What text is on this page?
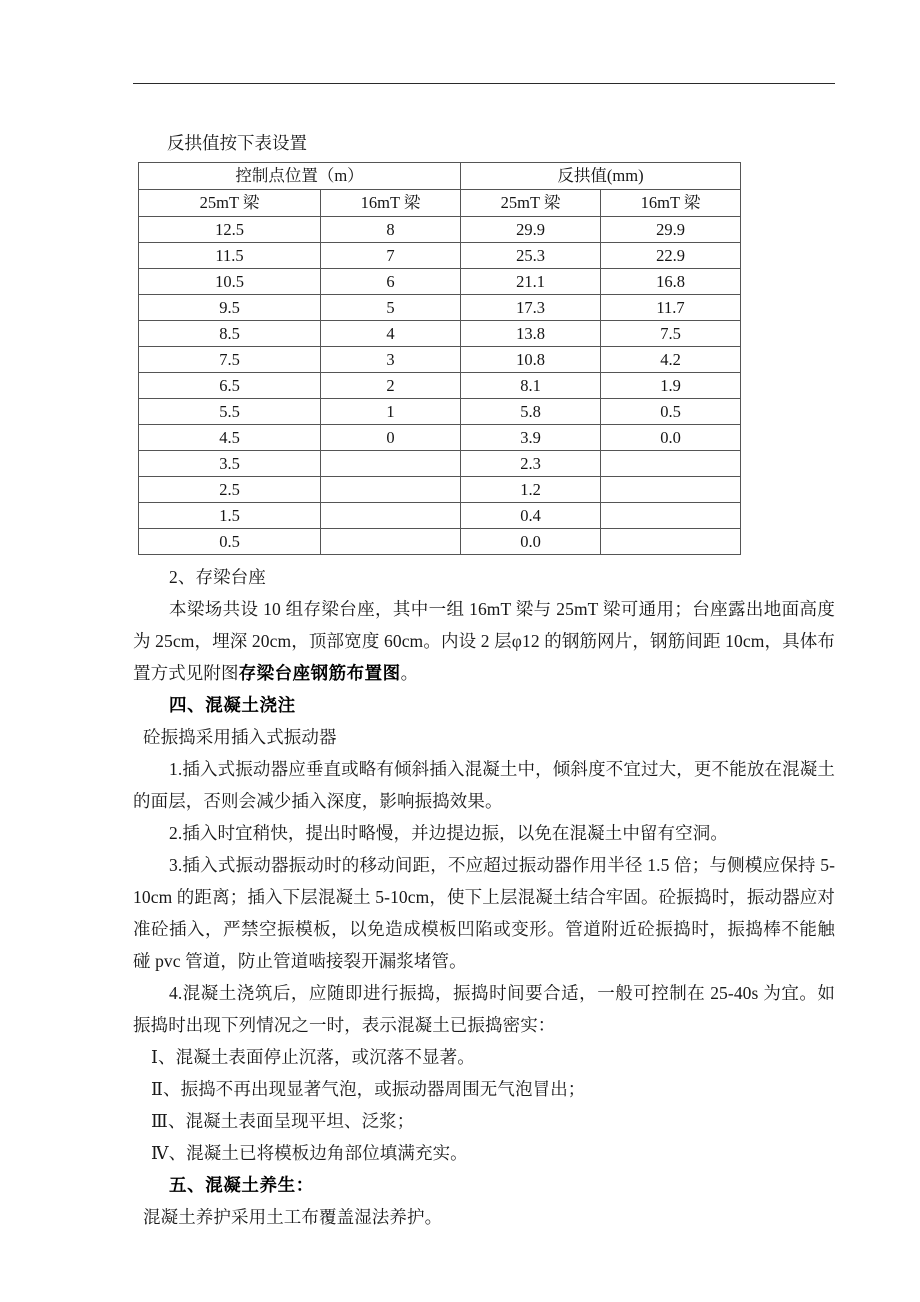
反拱值按下表设置

控制点位置（m）		反拱值(mm)	
25mT 梁	16mT 梁	25mT 梁	16mT 梁
12.5	8	29.9	29.9
11.5	7	25.3	22.9
10.5	6	21.1	16.8
9.5	5	17.3	11.7
8.5	4	13.8	7.5
7.5	3	10.8	4.2
6.5	2	8.1	1.9
5.5	1	5.8	0.5
4.5	0	3.9	0.0
3.5		2.3	
2.5		1.2	
1.5		0.4	
0.5		0.0	

2、存梁台座

本梁场共设 10 组存梁台座，其中一组 16mT 梁与 25mT 梁可通用；台座露出地面高度为 25cm，埋深 20cm，顶部宽度 60cm。内设 2 层φ12 的钢筋网片，钢筋间距 10cm，具体布置方式见附图存梁台座钢筋布置图。

四、混凝土浇注

砼振捣采用插入式振动器

1.插入式振动器应垂直或略有倾斜插入混凝土中，倾斜度不宜过大，更不能放在混凝土的面层，否则会减少插入深度，影响振捣效果。

2.插入时宜稍快，提出时略慢，并边提边振，以免在混凝土中留有空洞。

3.插入式振动器振动时的移动间距，不应超过振动器作用半径 1.5 倍；与侧模应保持 5-10cm 的距离；插入下层混凝土 5-10cm，使下上层混凝土结合牢固。砼振捣时，振动器应对准砼插入，严禁空振模板，以免造成模板凹陷或变形。管道附近砼振捣时，振捣棒不能触碰 pvc 管道，防止管道啮接裂开漏浆堵管。

4.混凝土浇筑后，应随即进行振捣，振捣时间要合适，一般可控制在 25-40s 为宜。如振捣时出现下列情况之一时，表示混凝土已振捣密实：

Ⅰ、混凝土表面停止沉落，或沉落不显著。

Ⅱ、振捣不再出现显著气泡，或振动器周围无气泡冒出；

Ⅲ、混凝土表面呈现平坦、泛浆；

Ⅳ、混凝土已将模板边角部位填满充实。

五、混凝土养生：

混凝土养护采用土工布覆盖湿法养护。
